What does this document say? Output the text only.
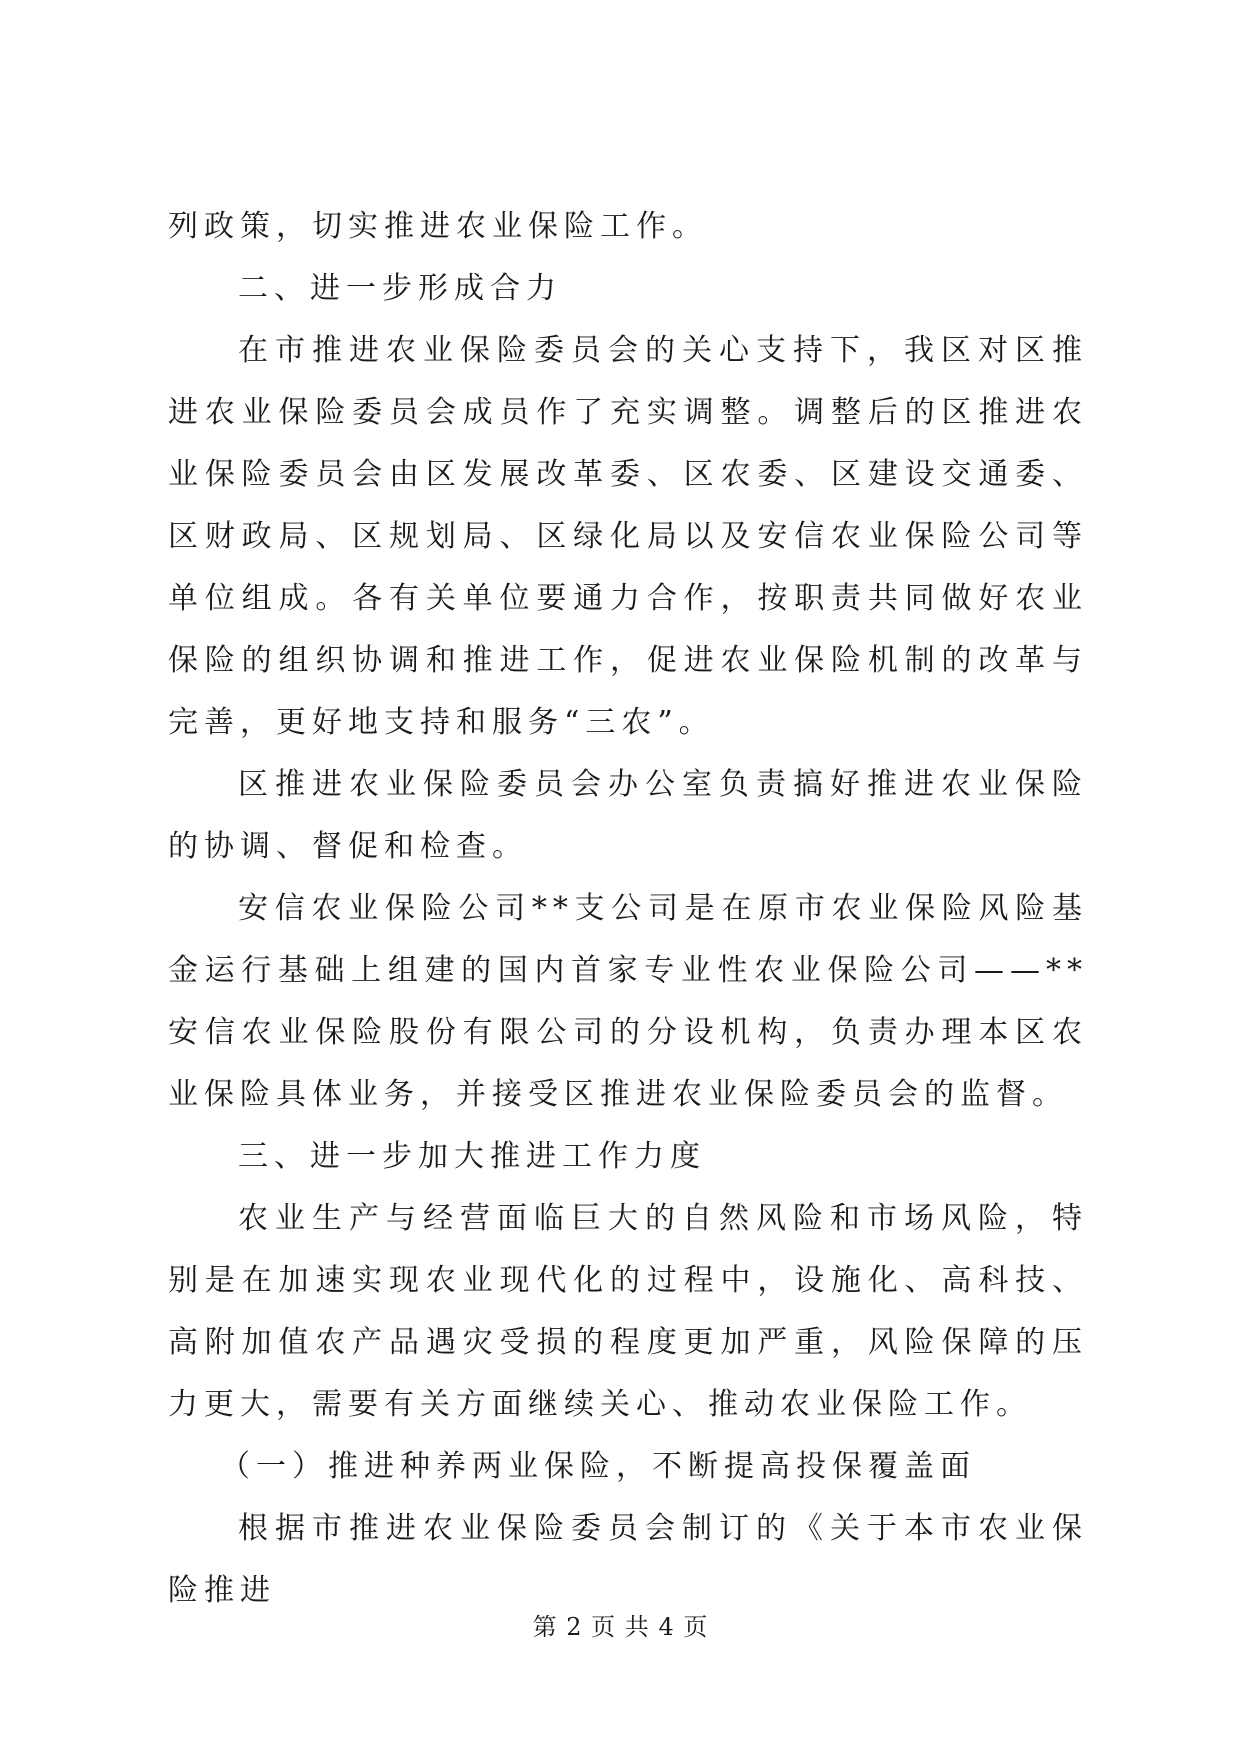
列政策，切实推进农业保险工作。

二、进一步形成合力

在市推进农业保险委员会的关心支持下，我区对区推进农业保险委员会成员作了充实调整。调整后的区推进农业保险委员会由区发展改革委、区农委、区建设交通委、区财政局、区规划局、区绿化局以及安信农业保险公司等单位组成。各有关单位要通力合作，按职责共同做好农业保险的组织协调和推进工作，促进农业保险机制的改革与完善，更好地支持和服务“三农”。

区推进农业保险委员会办公室负责搞好推进农业保险的协调、督促和检查。

安信农业保险公司**支公司是在原市农业保险风险基金运行基础上组建的国内首家专业性农业保险公司——**安信农业保险股份有限公司的分设机构，负责办理本区农业保险具体业务，并接受区推进农业保险委员会的监督。

三、进一步加大推进工作力度

农业生产与经营面临巨大的自然风险和市场风险，特别是在加速实现农业现代化的过程中，设施化、高科技、高附加值农产品遇灾受损的程度更加严重，风险保障的压力更大，需要有关方面继续关心、推动农业保险工作。

（一）推进种养两业保险，不断提高投保覆盖面

根据市推进农业保险委员会制订的《关于本市农业保险推进

第 2 页 共 4 页
